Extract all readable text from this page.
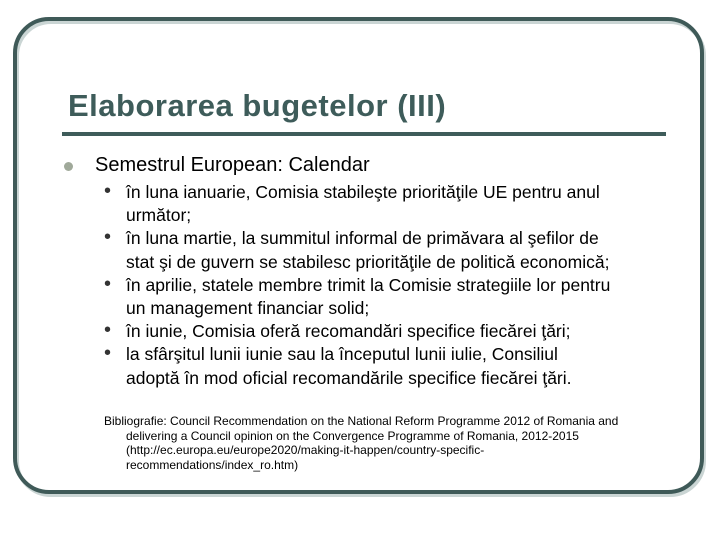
Elaborarea bugetelor (III)
Semestrul European: Calendar
• în luna ianuarie, Comisia stabileşte priorităţile UE pentru anul
următor;
• în luna martie, la summitul informal de primăvara al şefilor de
stat şi de guvern se stabilesc priorităţile de politică economică;
• în aprilie, statele membre trimit la Comisie strategiile lor pentru
un management financiar solid;
• în iunie, Comisia oferă recomandări specifice fiecărei ţări;
• la sfârşitul lunii iunie sau la începutul lunii iulie, Consiliul
adoptă în mod oficial recomandările specifice fiecărei ţări.
Bibliografie: Council Recommendation on the National Reform Programme 2012 of Romania and
delivering a Council opinion on the Convergence Programme of Romania, 2012-2015
(http://ec.europa.eu/europe2020/making-it-happen/country-specific-
recommendations/index_ro.htm)
